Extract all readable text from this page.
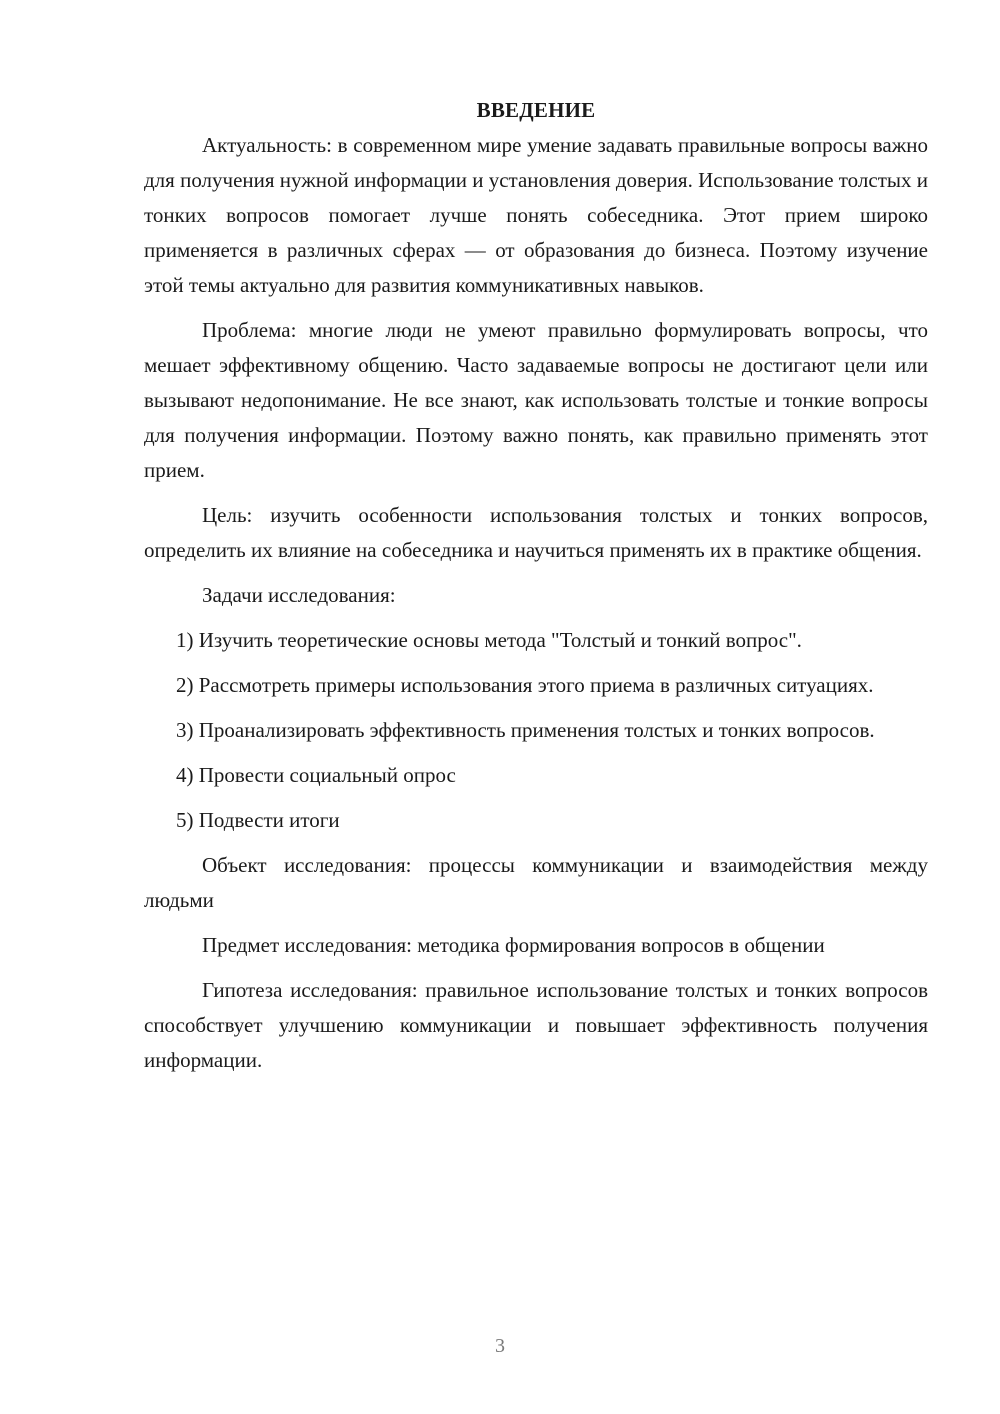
ВВЕДЕНИЕ

Актуальность: в современном мире умение задавать правильные вопросы важно для получения нужной информации и установления доверия. Использование толстых и тонких вопросов помогает лучше понять собеседника. Этот прием широко применяется в различных сферах — от образования до бизнеса. Поэтому изучение этой темы актуально для развития коммуникативных навыков.

Проблема: многие люди не умеют правильно формулировать вопросы, что мешает эффективному общению. Часто задаваемые вопросы не достигают цели или вызывают недопонимание. Не все знают, как использовать толстые и тонкие вопросы для получения информации. Поэтому важно понять, как правильно применять этот прием.

Цель: изучить особенности использования толстых и тонких вопросов, определить их влияние на собеседника и научиться применять их в практике общения.

Задачи исследования:

1) Изучить теоретические основы метода "Толстый и тонкий вопрос".

2) Рассмотреть примеры использования этого приема в различных ситуациях.

3) Проанализировать эффективность применения толстых и тонких вопросов.

4) Провести социальный опрос

5) Подвести итоги

Объект исследования: процессы коммуникации и взаимодействия между людьми

Предмет исследования: методика формирования вопросов в общении

Гипотеза исследования: правильное использование толстых и тонких вопросов способствует улучшению коммуникации и повышает эффективность получения информации.

3
